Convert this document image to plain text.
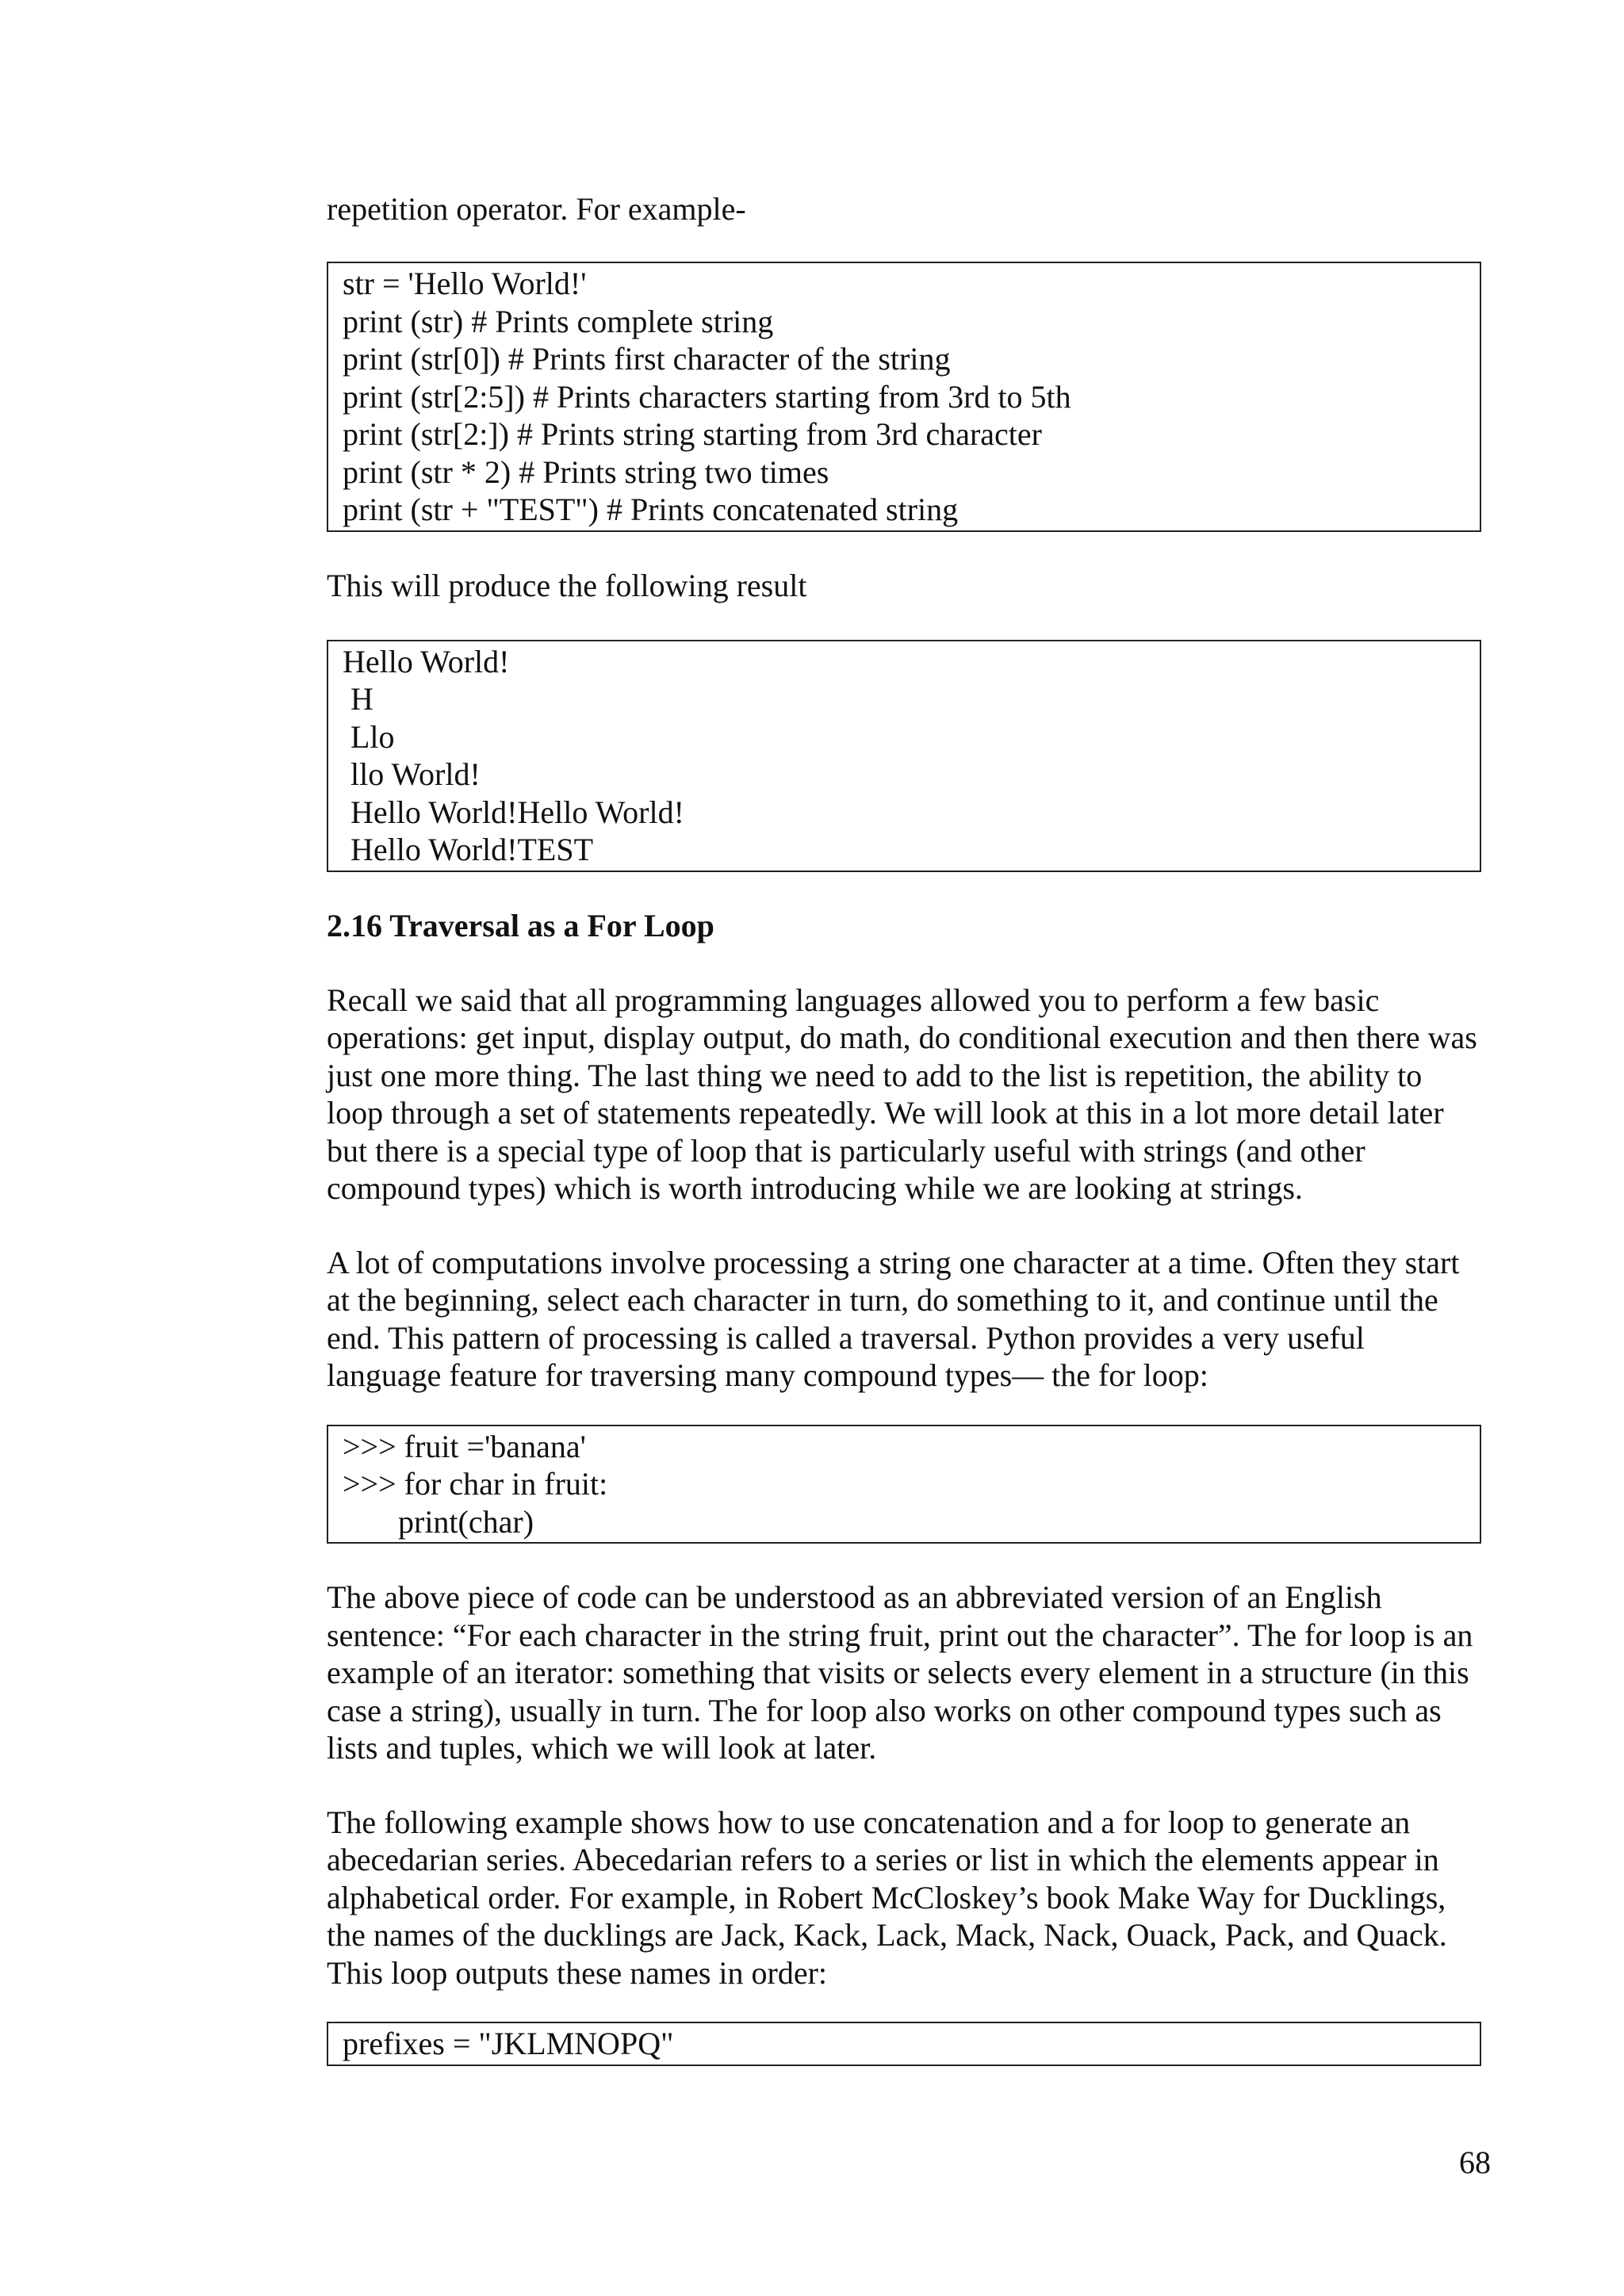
repetition operator. For example-
str = 'Hello World!'
print (str) # Prints complete string
print (str[0]) # Prints first character of the string
print (str[2:5]) # Prints characters starting from 3rd to 5th
print (str[2:]) # Prints string starting from 3rd character
print (str * 2) # Prints string two times
print (str + "TEST") # Prints concatenated string
This will produce the following result
Hello World!
H
Llo
llo World!
Hello World!Hello World!
Hello World!TEST
2.16 Traversal as a For Loop

Recall we said that all programming languages allowed you to perform a few basic operations: get input, display output, do math, do conditional execution and then there was just one more thing. The last thing we need to add to the list is repetition, the ability to loop through a set of statements repeatedly. We will look at this in a lot more detail later but there is a special type of loop that is particularly useful with strings (and other compound types) which is worth introducing while we are looking at strings.

A lot of computations involve processing a string one character at a time. Often they start at the beginning, select each character in turn, do something to it, and continue until the end. This pattern of processing is called a traversal. Python provides a very useful language feature for traversing many compound types— the for loop:

>>> fruit ='banana'
>>> for char in fruit:
print(char)

The above piece of code can be understood as an abbreviated version of an English sentence: “For each character in the string fruit, print out the character”. The for loop is an example of an iterator: something that visits or selects every element in a structure (in this case a string), usually in turn. The for loop also works on other compound types such as lists and tuples, which we will look at later.

The following example shows how to use concatenation and a for loop to generate an abecedarian series. Abecedarian refers to a series or list in which the elements appear in alphabetical order. For example, in Robert McCloskey’s book Make Way for Ducklings, the names of the ducklings are Jack, Kack, Lack, Mack, Nack, Ouack, Pack, and Quack. This loop outputs these names in order:

prefixes = "JKLMNOPQ"
68
